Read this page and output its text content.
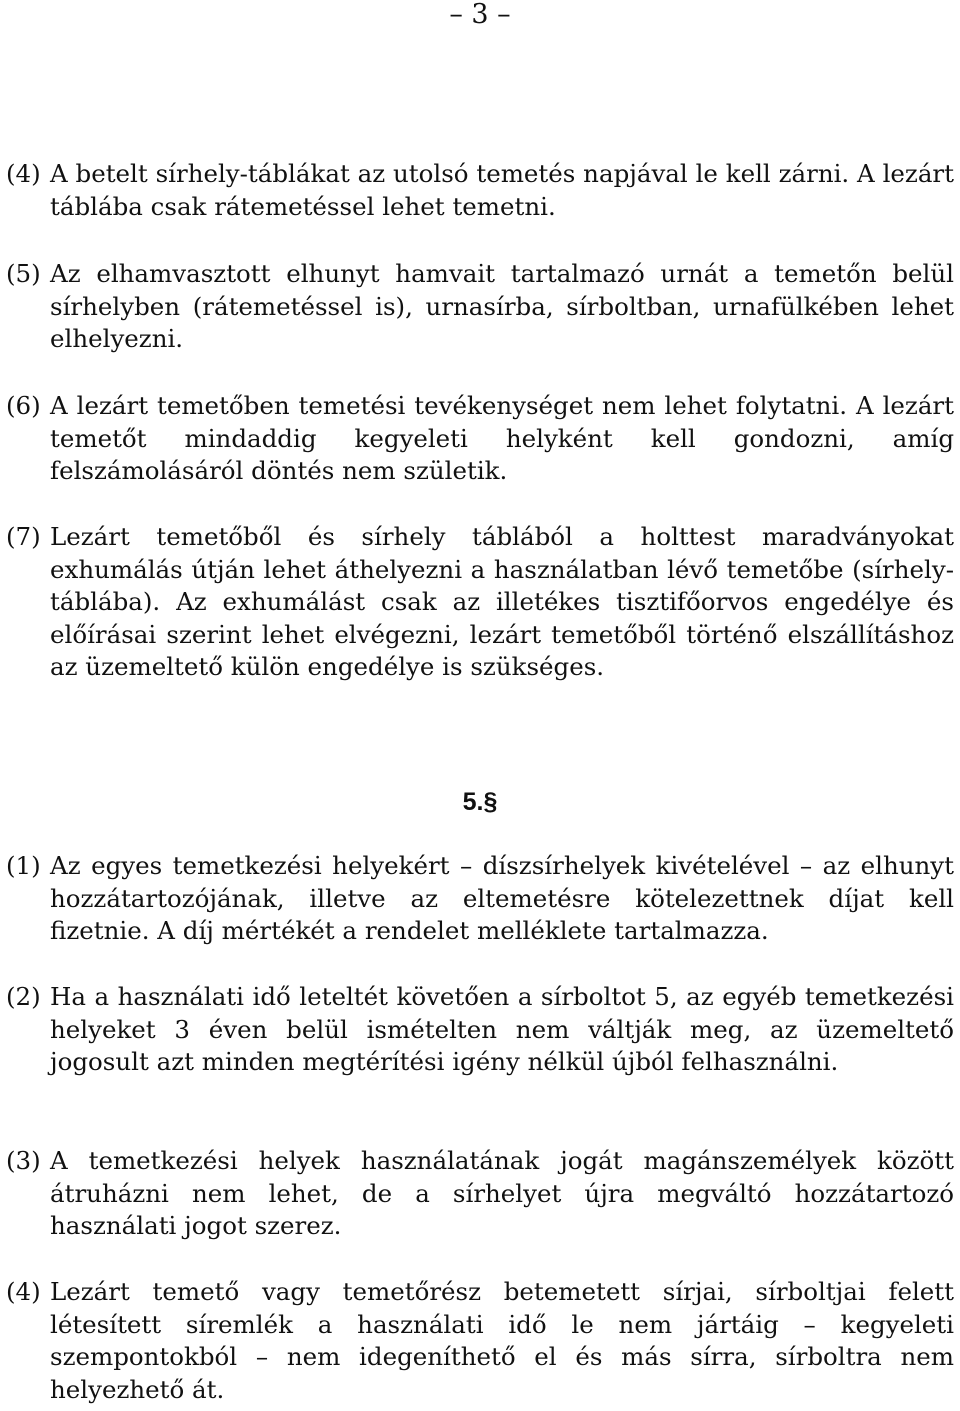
– 3 –
(4) A betelt sírhely-táblákat az utolsó temetés napjával le kell zárni. A lezárt táblába csak rátemetéssel lehet temetni.
(5) Az elhamvasztott elhunyt hamvait tartalmazó urnát a temetőn belül sírhelyben (rátemetéssel is), urnasírba, sírboltban, urnafülkében lehet elhelyezni.
(6) A lezárt temetőben temetési tevékenységet nem lehet folytatni. A lezárt temetőt mindaddig kegyeleti helyként kell gondozni, amíg felszámolásáról döntés nem születik.
(7) Lezárt temetőből és sírhely táblából a holttest maradványokat exhumálás útján lehet áthelyezni a használatban lévő temetőbe (sírhely-táblába). Az exhumálást csak az illetékes tisztifőorvos engedélye és előírásai szerint lehet elvégezni, lezárt temetőből történő elszállításhoz az üzemeltető külön engedélye is szükséges.
5.§
(1) Az egyes temetkezési helyekért – díszsírhelyek kivételével – az elhunyt hozzátartozójának, illetve az eltemetésre kötelezettnek díjat kell fizetnie. A díj mértékét a rendelet melléklete tartalmazza.
(2) Ha a használati idő leteltét követően a sírboltot 5, az egyéb temetkezési helyeket 3 éven belül ismételten nem váltják meg, az üzemeltető jogosult azt minden megtérítési igény nélkül újból felhasználni.
(3) A temetkezési helyek használatának jogát magánszemélyek között átruházni nem lehet, de a sírhelyet újra megváltó hozzátartozó használati jogot szerez.
(4) Lezárt temető vagy temetőrész betemetett sírjai, sírboltjai felett létesített síremlék a használati idő le nem jártáig – kegyeleti szempontokból – nem idegeníthető el és más sírra, sírboltra nem helyezhető át.
